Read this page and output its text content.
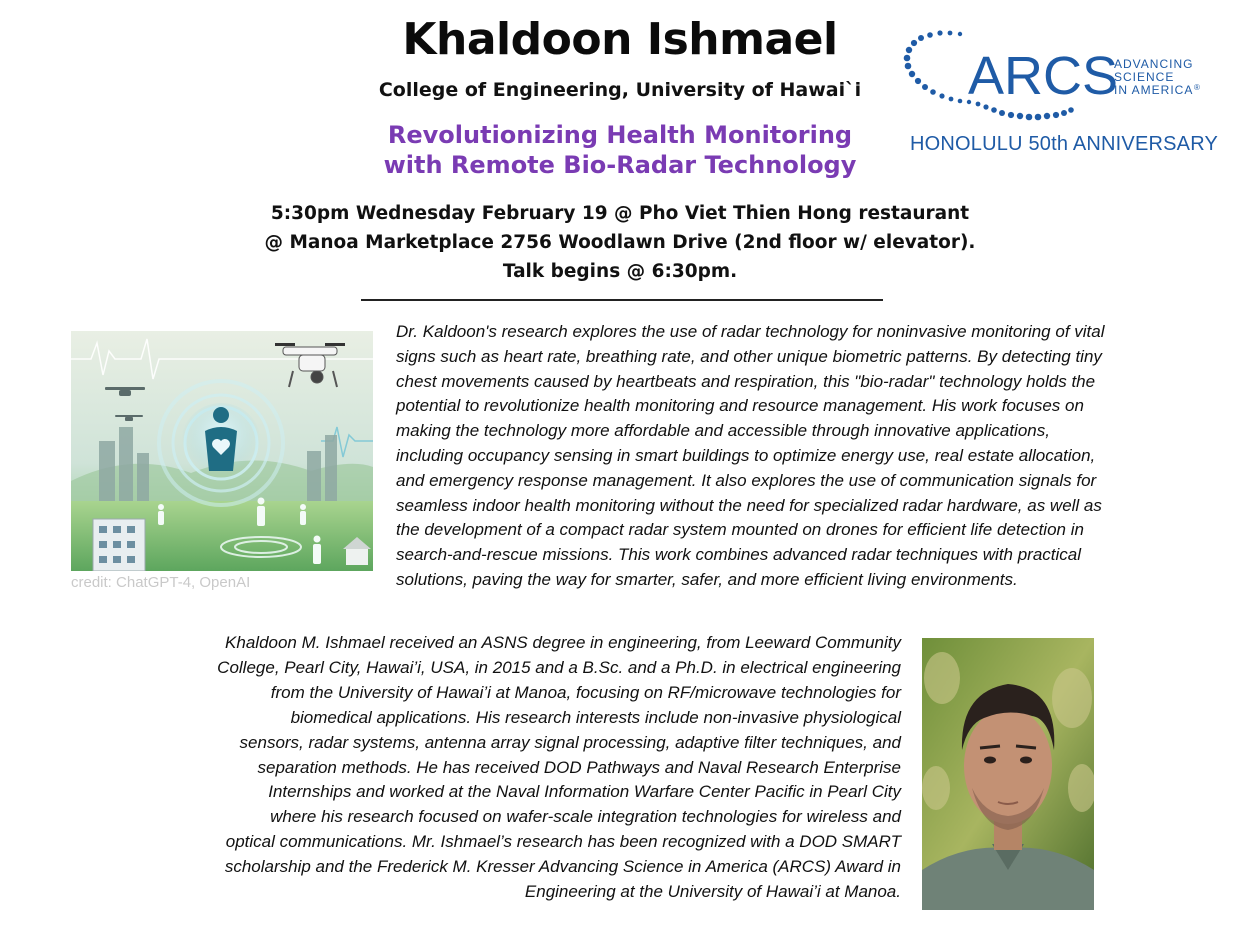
Khaldoon Ishmael
College of Engineering, University of Hawai`i
Revolutionizing Health Monitoring
with Remote Bio-Radar Technology
5:30pm Wednesday February 19 @ Pho Viet Thien Hong restaurant
@ Manoa Marketplace 2756 Woodlawn Drive (2nd floor w/ elevator).
Talk begins @ 6:30pm.
ARCS
ADVANCING
SCIENCE
IN AMERICA ®
HONOLULU 50th ANNIVERSARY
credit: ChatGPT-4, OpenAI
Dr. Kaldoon's research explores the use of radar technology for noninvasive monitoring of vital
signs such as heart rate, breathing rate, and other unique biometric patterns. By detecting tiny
chest movements caused by heartbeats and respiration, this "bio-radar" technology holds the
potential to revolutionize health monitoring and resource management. His work focuses on
making the technology more affordable and accessible through innovative applications,
including occupancy sensing in smart buildings to optimize energy use, real estate allocation,
and emergency response management. It also explores the use of communication signals for
seamless indoor health monitoring without the need for specialized radar hardware, as well as
the development of a compact radar system mounted on drones for efficient life detection in
search-and-rescue missions. This work combines advanced radar techniques with practical
solutions, paving the way for smarter, safer, and more efficient living environments.
Khaldoon M. Ishmael received an ASNS degree in engineering, from Leeward Community
College, Pearl City, Hawai’i, USA, in 2015 and a B.Sc. and a Ph.D. in electrical engineering
from the University of Hawai’i at Manoa, focusing on RF/microwave technologies for
biomedical applications. His research interests include non-invasive physiological
sensors, radar systems, antenna array signal processing, adaptive filter techniques, and
separation methods. He has received DOD Pathways and Naval Research Enterprise
Internships and worked at the Naval Information Warfare Center Pacific in Pearl City
where his research focused on wafer-scale integration technologies for wireless and
optical communications. Mr. Ishmael’s research has been recognized with a DOD SMART
scholarship and the Frederick M. Kresser Advancing Science in America (ARCS) Award in
Engineering at the University of Hawai’i at Manoa.
